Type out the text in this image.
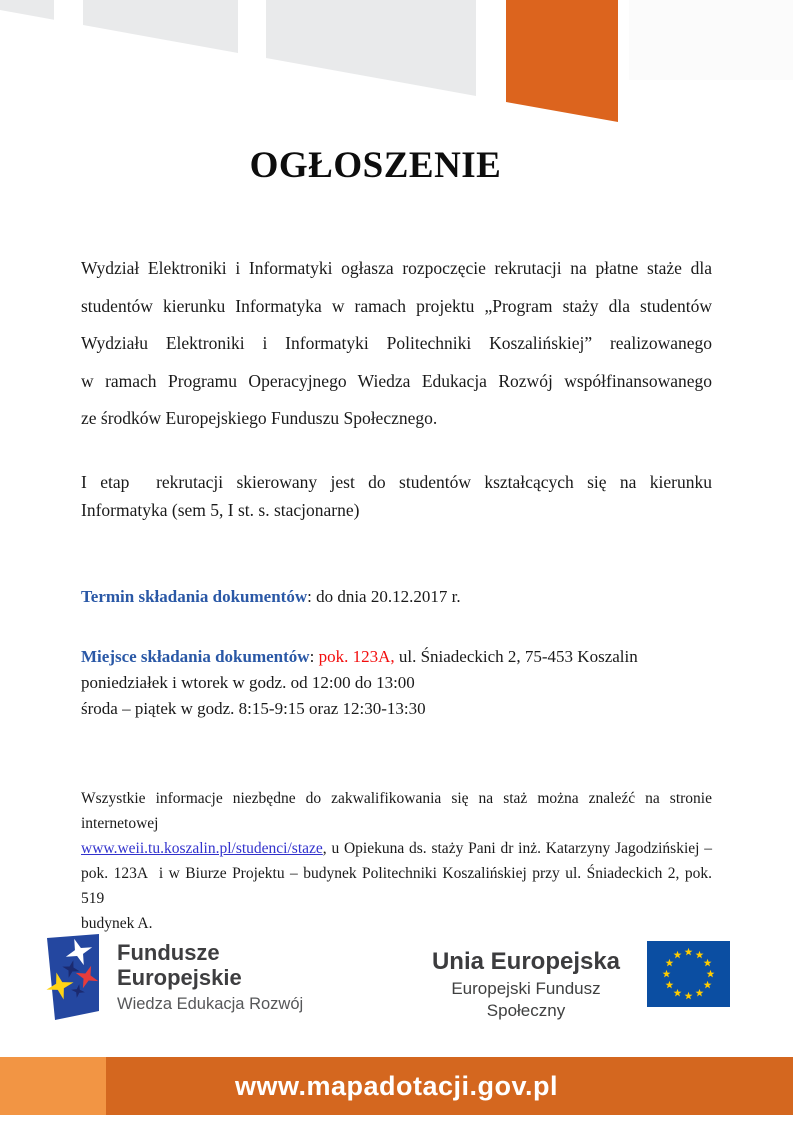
OGŁOSZENIE
Wydział Elektroniki i Informatyki ogłasza rozpoczęcie rekrutacji na płatne staże dla
studentów kierunku Informatyka w ramach projektu „Program staży dla studentów
Wydziału Elektroniki i Informatyki Politechniki Koszalińskiej” realizowanego
w ramach Programu Operacyjnego Wiedza Edukacja Rozwój współfinansowanego
ze środków Europejskiego Funduszu Społecznego.
I etap  rekrutacji skierowany jest do studentów kształcących się na kierunku
Informatyka (sem 5, I st. s. stacjonarne)
Termin składania dokumentów: do dnia 20.12.2017 r.
Miejsce składania dokumentów: pok. 123A, ul. Śniadeckich 2, 75-453 Koszalin
poniedziałek i wtorek w godz. od 12:00 do 13:00
środa – piątek w godz. 8:15-9:15 oraz 12:30-13:30
Wszystkie informacje niezbędne do zakwalifikowania się na staż można znaleźć na stronie internetowej
www.weii.tu.koszalin.pl/studenci/staze, u Opiekuna ds. staży Pani dr inż. Katarzyny Jagodzińskiej –
pok. 123A  i w Biurze Projektu – budynek Politechniki Koszalińskiej przy ul. Śniadeckich 2, pok. 519
budynek A.
Fundusze
Europejskie
Wiedza Edukacja Rozwój
Unia Europejska
Europejski Fundusz Społeczny
www.mapadotacji.gov.pl
